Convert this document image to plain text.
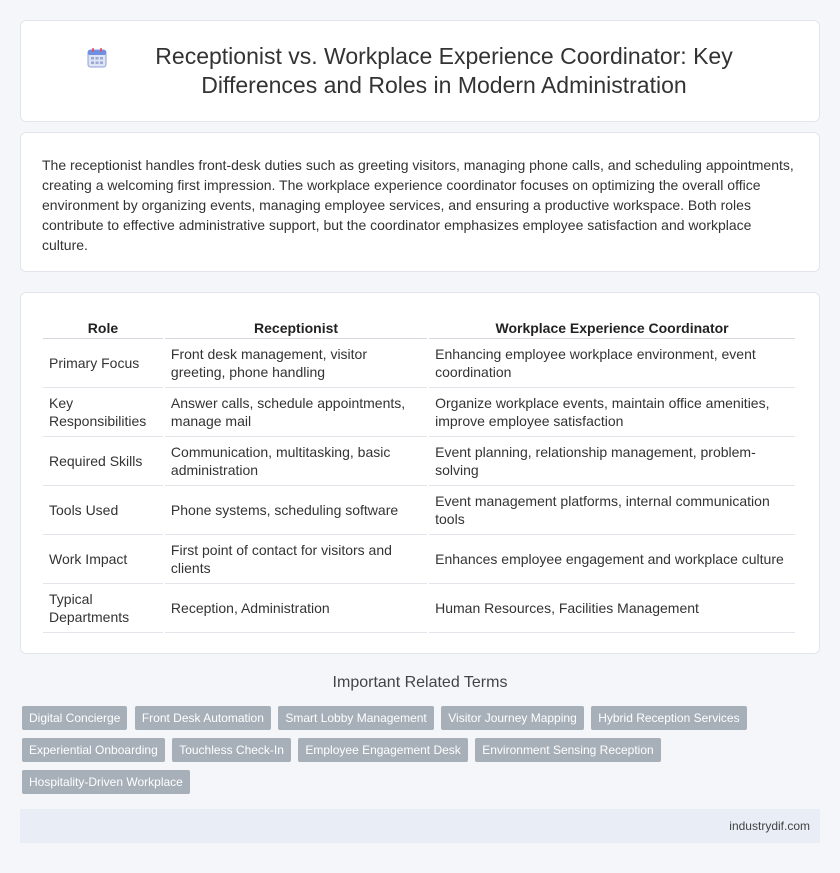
Receptionist vs. Workplace Experience Coordinator: Key Differences and Roles in Modern Administration

The receptionist handles front-desk duties such as greeting visitors, managing phone calls, and scheduling appointments, creating a welcoming first impression. The workplace experience coordinator focuses on optimizing the overall office environment by organizing events, managing employee services, and ensuring a productive workspace. Both roles contribute to effective administrative support, but the coordinator emphasizes employee satisfaction and workplace culture.

Role	Receptionist	Workplace Experience Coordinator
Primary Focus	Front desk management, visitor greeting, phone handling	Enhancing employee workplace environment, event coordination
Key Responsibilities	Answer calls, schedule appointments, manage mail	Organize workplace events, maintain office amenities, improve employee satisfaction
Required Skills	Communication, multitasking, basic administration	Event planning, relationship management, problem-solving
Tools Used	Phone systems, scheduling software	Event management platforms, internal communication tools
Work Impact	First point of contact for visitors and clients	Enhances employee engagement and workplace culture
Typical Departments	Reception, Administration	Human Resources, Facilities Management
Important Related Terms
Digital Concierge Front Desk Automation Smart Lobby Management Visitor Journey Mapping Hybrid Reception Services
Experiential Onboarding Touchless Check-In Employee Engagement Desk Environment Sensing Reception
Hospitality-Driven Workplace
industrydif.com
